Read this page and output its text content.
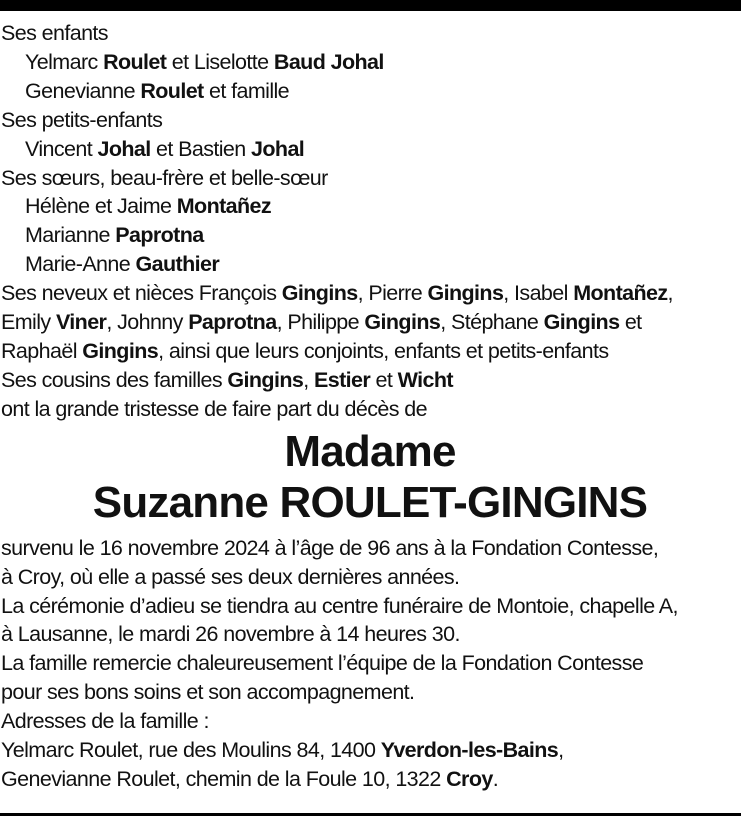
Ses enfants
Yelmarc Roulet et Liselotte Baud Johal
Genevianne Roulet et famille
Ses petits-enfants
Vincent Johal et Bastien Johal
Ses sœurs, beau-frère et belle-sœur
Hélène et Jaime Montañez
Marianne Paprotna
Marie-Anne Gauthier
Ses neveux et nièces François Gingins, Pierre Gingins, Isabel Montañez,
Emily Viner, Johnny Paprotna, Philippe Gingins, Stéphane Gingins et
Raphaël Gingins, ainsi que leurs conjoints, enfants et petits-enfants
Ses cousins des familles Gingins, Estier et Wicht
ont la grande tristesse de faire part du décès de
Madame
Suzanne ROULET-GINGINS
survenu le 16 novembre 2024 à l’âge de 96 ans à la Fondation Contesse,
à Croy, où elle a passé ses deux dernières années.
La cérémonie d’adieu se tiendra au centre funéraire de Montoie, chapelle A,
à Lausanne, le mardi 26 novembre à 14 heures 30.
La famille remercie chaleureusement l’équipe de la Fondation Contesse
pour ses bons soins et son accompagnement.
Adresses de la famille :
Yelmarc Roulet, rue des Moulins 84, 1400 Yverdon-les-Bains,
Genevianne Roulet, chemin de la Foule 10, 1322 Croy.
